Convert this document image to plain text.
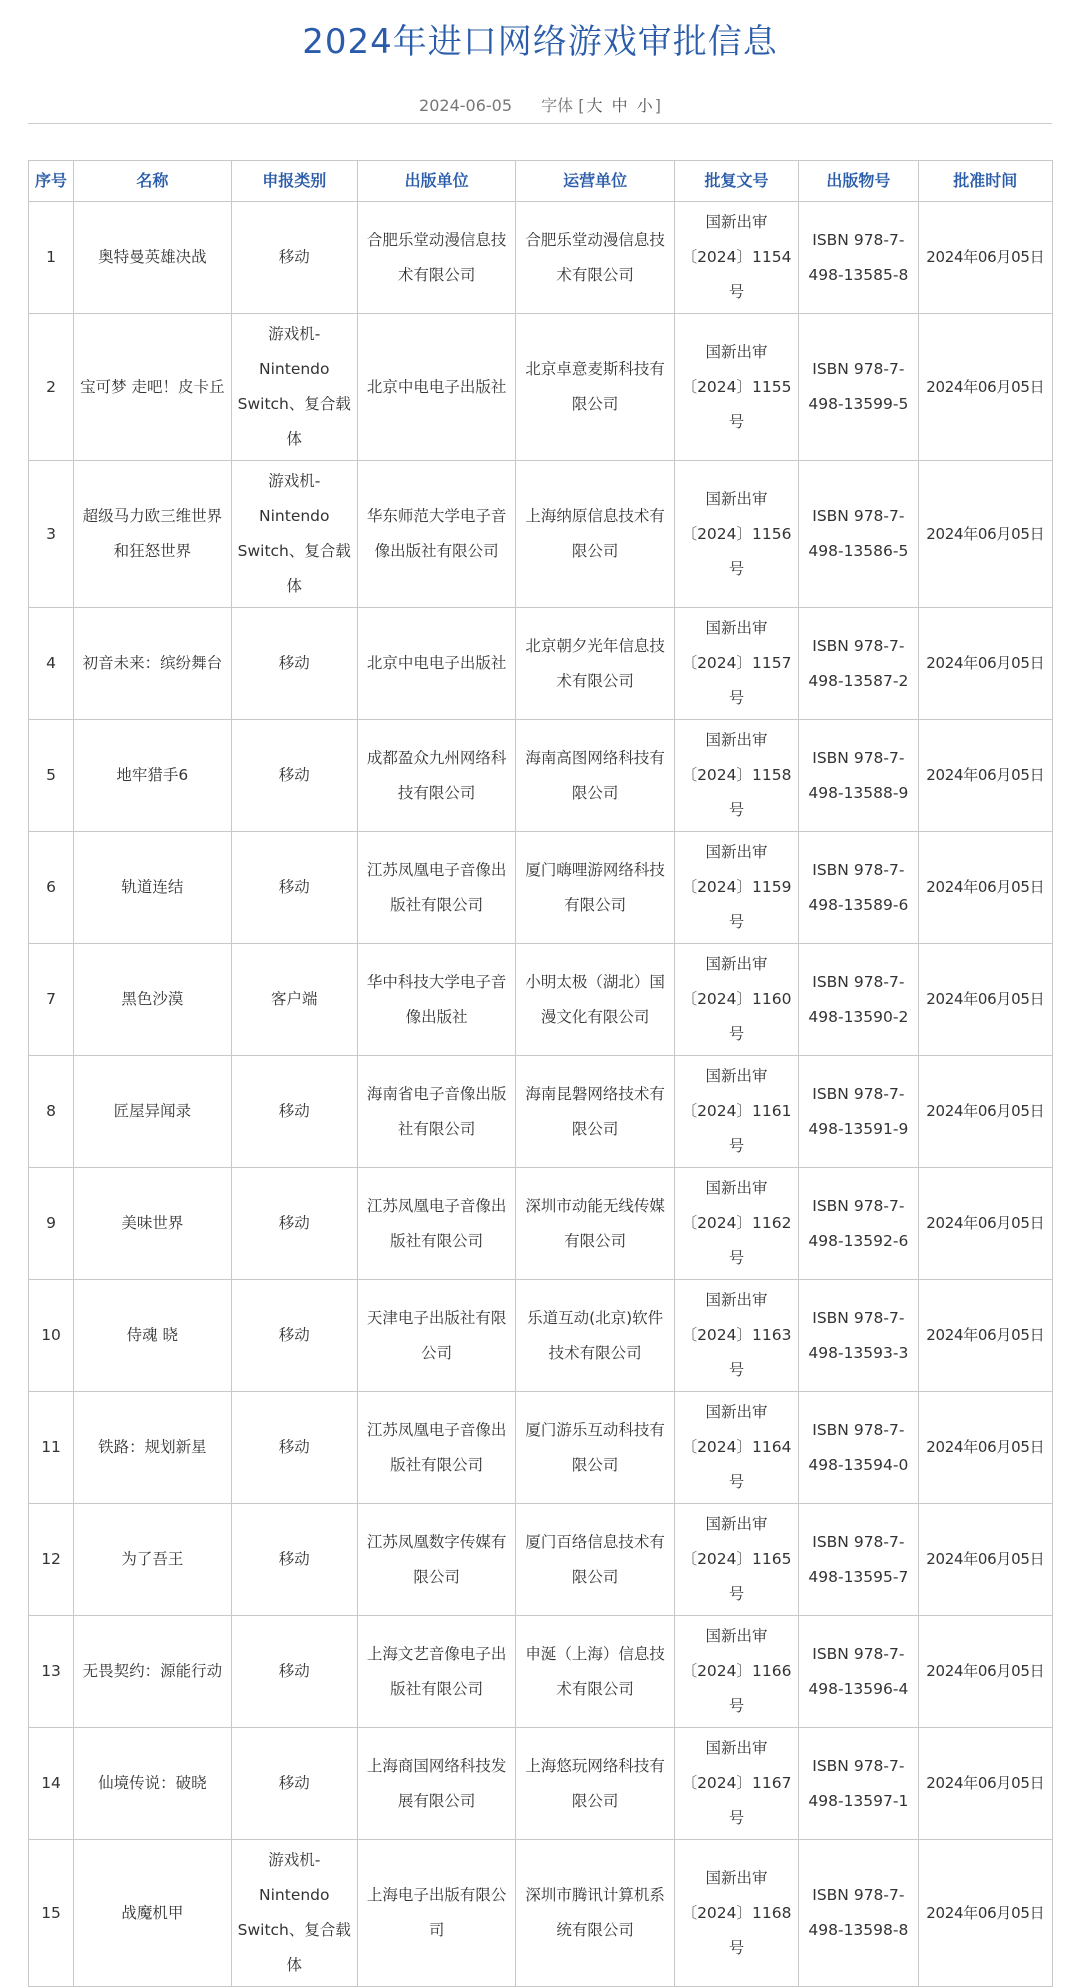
2024年进口网络游戏审批信息
2024-06-05 字体 [ 大 中 小 ]
序号	名称	申报类别	出版单位	运营单位	批复文号	出版物号	批准时间
1	奥特曼英雄决战	移动	合肥乐堂动漫信息技术有限公司	合肥乐堂动漫信息技术有限公司	国新出审〔2024〕1154号	ISBN 978-7-498-13585-8	2024年06月05日
2	宝可梦 走吧！皮卡丘	游戏机-Nintendo Switch、复合载体	北京中电电子出版社	北京卓意麦斯科技有限公司	国新出审〔2024〕1155号	ISBN 978-7-498-13599-5	2024年06月05日
3	超级马力欧三维世界和狂怒世界	游戏机-Nintendo Switch、复合载体	华东师范大学电子音像出版社有限公司	上海纳原信息技术有限公司	国新出审〔2024〕1156号	ISBN 978-7-498-13586-5	2024年06月05日
4	初音未来：缤纷舞台	移动	北京中电电子出版社	北京朝夕光年信息技术有限公司	国新出审〔2024〕1157号	ISBN 978-7-498-13587-2	2024年06月05日
5	地牢猎手6	移动	成都盈众九州网络科技有限公司	海南高图网络科技有限公司	国新出审〔2024〕1158号	ISBN 978-7-498-13588-9	2024年06月05日
6	轨道连结	移动	江苏凤凰电子音像出版社有限公司	厦门嗨哩游网络科技有限公司	国新出审〔2024〕1159号	ISBN 978-7-498-13589-6	2024年06月05日
7	黑色沙漠	客户端	华中科技大学电子音像出版社	小明太极（湖北）国漫文化有限公司	国新出审〔2024〕1160号	ISBN 978-7-498-13590-2	2024年06月05日
8	匠屋异闻录	移动	海南省电子音像出版社有限公司	海南昆磐网络技术有限公司	国新出审〔2024〕1161号	ISBN 978-7-498-13591-9	2024年06月05日
9	美味世界	移动	江苏凤凰电子音像出版社有限公司	深圳市动能无线传媒有限公司	国新出审〔2024〕1162号	ISBN 978-7-498-13592-6	2024年06月05日
10	侍魂 晓	移动	天津电子出版社有限公司	乐道互动(北京)软件技术有限公司	国新出审〔2024〕1163号	ISBN 978-7-498-13593-3	2024年06月05日
11	铁路：规划新星	移动	江苏凤凰电子音像出版社有限公司	厦门游乐互动科技有限公司	国新出审〔2024〕1164号	ISBN 978-7-498-13594-0	2024年06月05日
12	为了吾王	移动	江苏凤凰数字传媒有限公司	厦门百络信息技术有限公司	国新出审〔2024〕1165号	ISBN 978-7-498-13595-7	2024年06月05日
13	无畏契约：源能行动	移动	上海文艺音像电子出版社有限公司	申涎（上海）信息技术有限公司	国新出审〔2024〕1166号	ISBN 978-7-498-13596-4	2024年06月05日
14	仙境传说：破晓	移动	上海商国网络科技发展有限公司	上海悠玩网络科技有限公司	国新出审〔2024〕1167号	ISBN 978-7-498-13597-1	2024年06月05日
15	战魔机甲	游戏机-Nintendo Switch、复合载体	上海电子出版有限公司	深圳市腾讯计算机系统有限公司	国新出审〔2024〕1168号	ISBN 978-7-498-13598-8	2024年06月05日
